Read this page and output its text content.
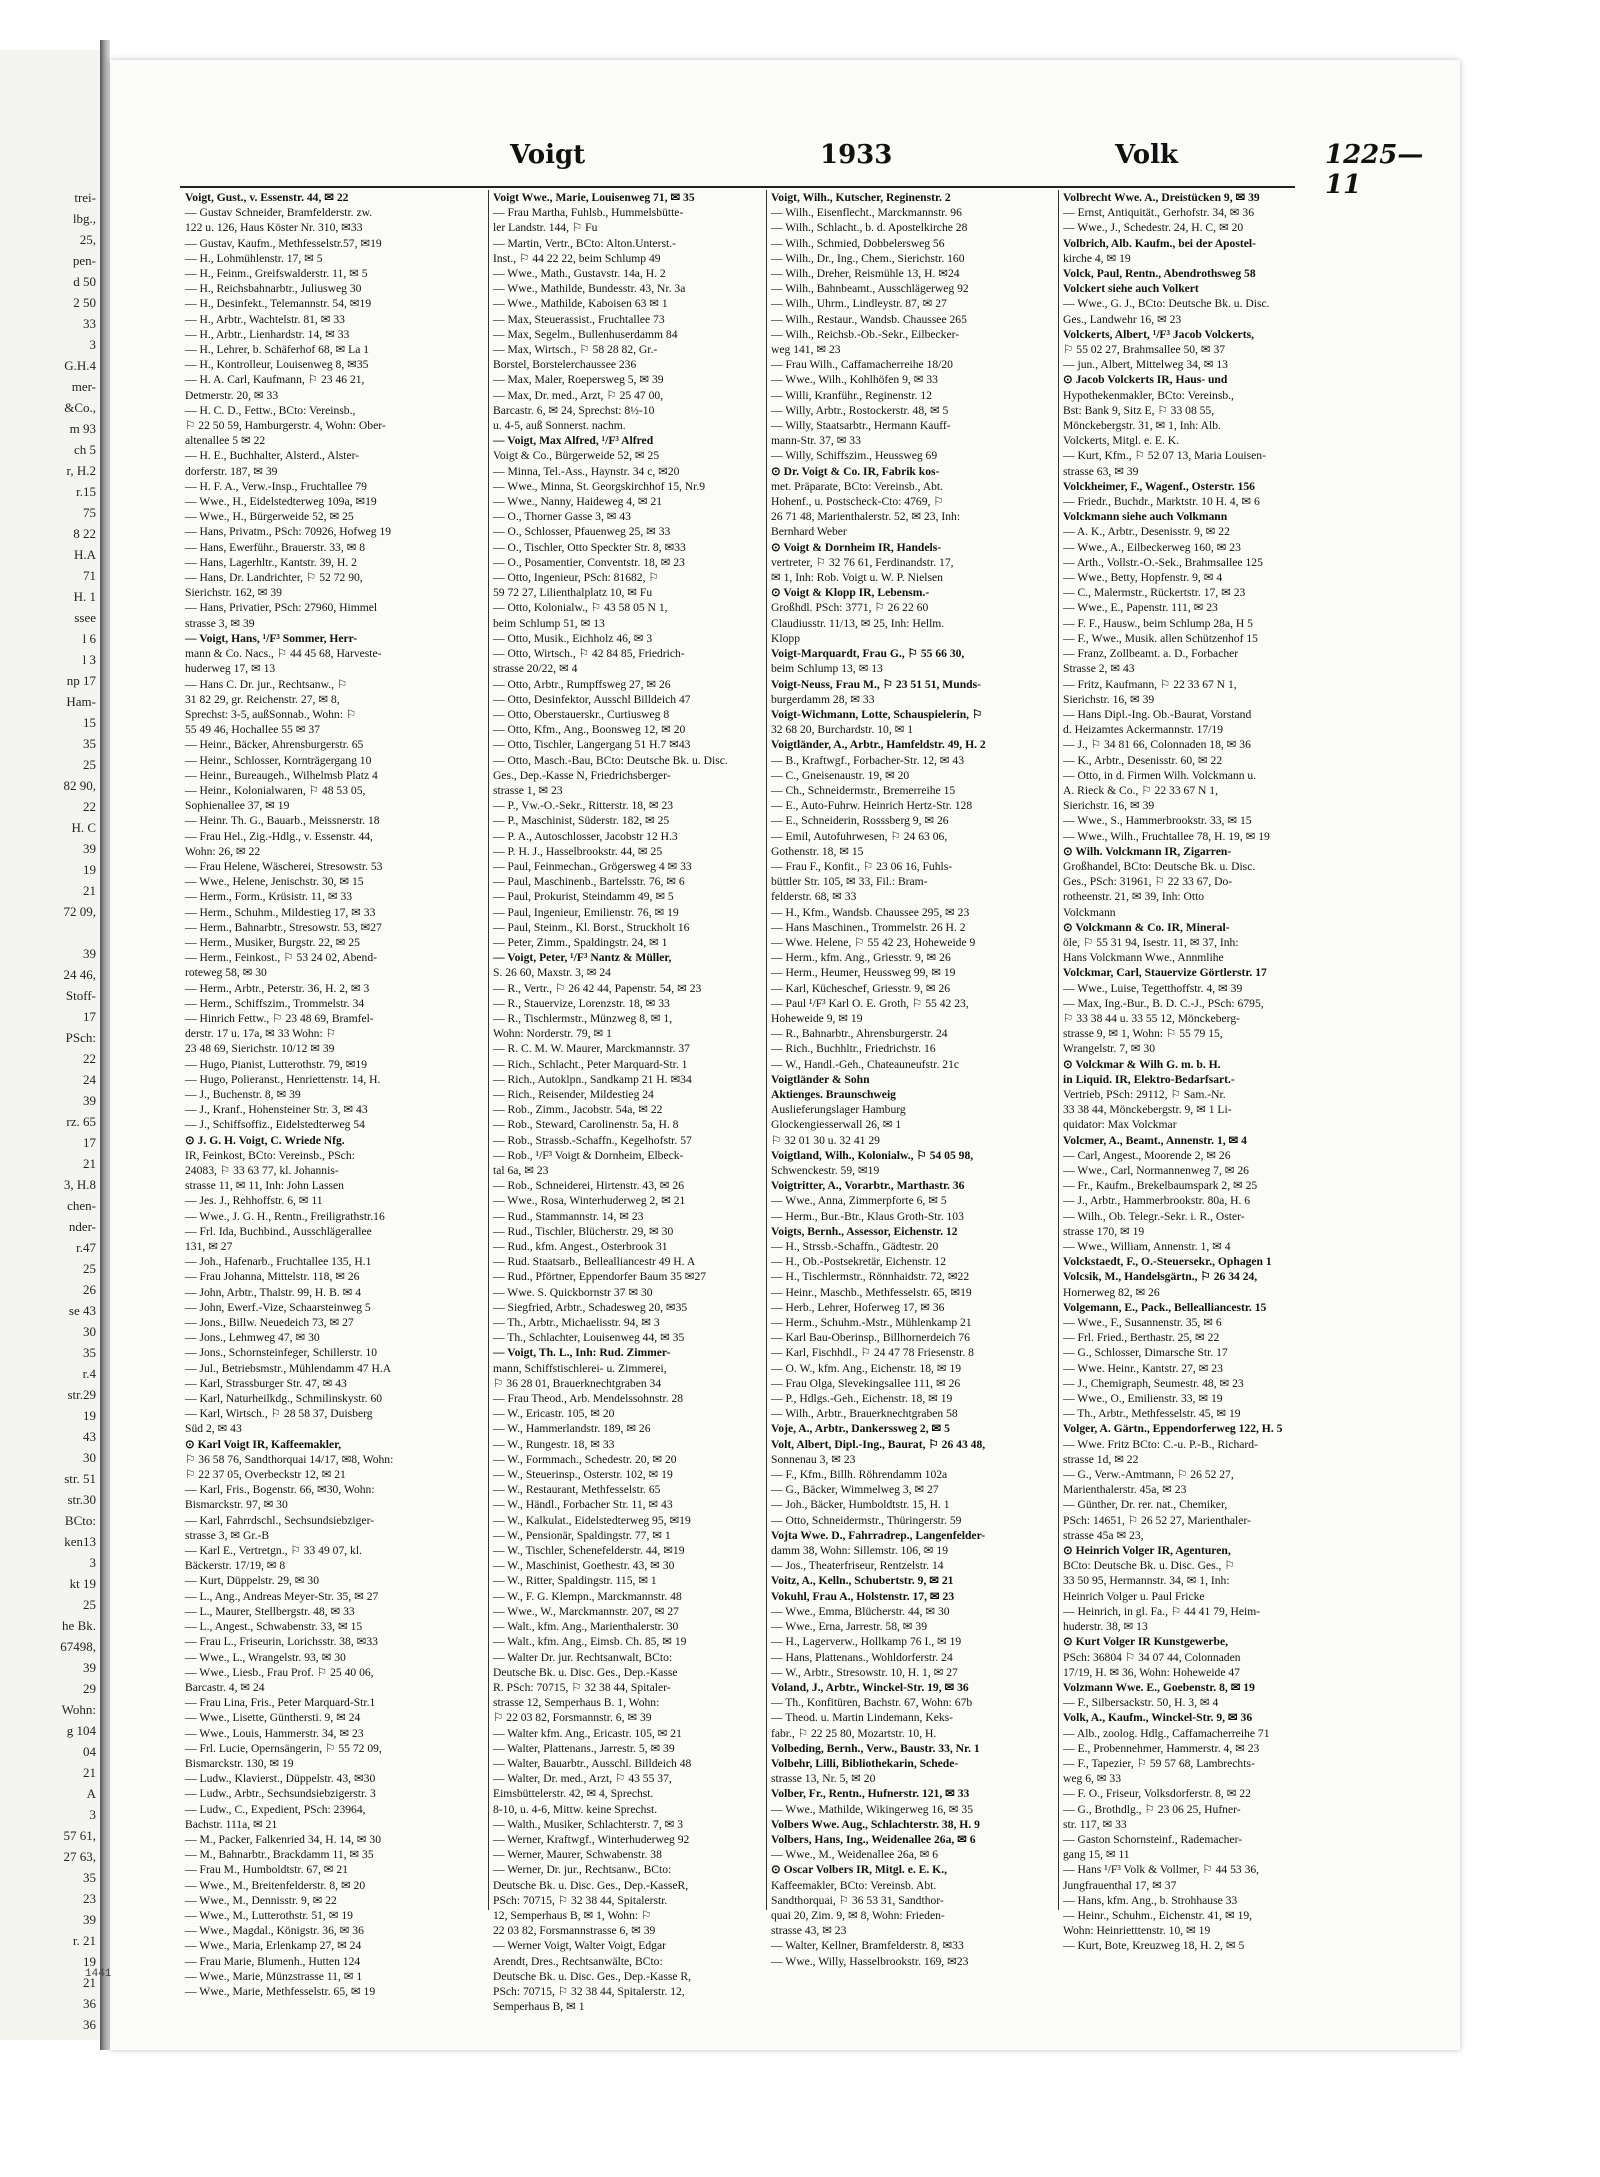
trei-
lbg.,
25,
pen-
d 50
2 50
33
3
G.H.4
mer-
&Co.,
m 93
ch 5
r, H.2
r.15
75
8 22
H.A
71
H. 1
ssee
l 6
l 3
np 17
Ham-
15
35
25
82 90,
22
H. C
39
19
21
72 09,
39
24 46,
Stoff-
17
PSch:
22
24
39
rz. 65
17
21
3, H.8
chen-
nder-
r.47
25
26
se 43
30
35
r.4
str.29
19
43
30
str. 51
str.30
BCto:
ken13
3
kt 19
25
he Bk.
67498,
39
29
Wohn:
g 104
04
21
A
3
57 61,
27 63,
35
23
39
r. 21
19
21
36
36
Voigt	1933	Volk	1225—11
Voigt, Gust., v. Essenstr. 44, ✉ 22
— Gustav Schneider, Bramfelderstr. zw.
122 u. 126, Haus Köster Nr. 310, ✉33
— Gustav, Kaufm., Methfesselstr.57, ✉19
— H., Lohmühlenstr. 17, ✉ 5
— H., Feinm., Greifswalderstr. 11, ✉ 5
— H., Reichsbahnarbtr., Juliusweg 30
— H., Desinfekt., Telemannstr. 54, ✉19
— H., Arbtr., Wachtelstr. 81, ✉ 33
— H., Arbtr., Lienhardstr. 14, ✉ 33
— H., Lehrer, b. Schäferhof 68, ✉ La 1
— H., Kontrolleur, Louisenweg 8, ✉35
— H. A. Carl, Kaufmann, ⚐ 23 46 21,
Detmerstr. 20, ✉ 33
— H. C. D., Fettw., BCto: Vereinsb.,
⚐ 22 50 59, Hamburgerstr. 4, Wohn: Ober-
altenallee 5 ✉ 22
— H. E., Buchhalter, Alsterd., Alster-
dorferstr. 187, ✉ 39
— H. F. A., Verw.-Insp., Fruchtallee 79
— Wwe., H., Eidelstedterweg 109a, ✉19
— Wwe., H., Bürgerweide 52, ✉ 25
— Hans, Privatm., PSch: 70926, Hofweg 19
— Hans, Ewerführ., Brauerstr. 33, ✉ 8
— Hans, Lagerhltr., Kantstr. 39, H. 2
— Hans, Dr. Landrichter, ⚐ 52 72 90,
Sierichstr. 162, ✉ 39
— Hans, Privatier, PSch: 27960, Himmel
strasse 3, ✉ 39
— Voigt, Hans, ¹/F³ Sommer, Herr-
mann & Co. Nacs., ⚐ 44 45 68, Harveste-
huderweg 17, ✉ 13
— Hans C. Dr. jur., Rechtsanw., ⚐
31 82 29, gr. Reichenstr. 27, ✉ 8,
Sprechst: 3-5, außSonnab., Wohn: ⚐
55 49 46, Hochallee 55 ✉ 37
— Heinr., Bäcker, Ahrensburgerstr. 65
— Heinr., Schlosser, Kornträgergang 10
— Heinr., Bureaugeh., Wilhelmsb Platz 4
— Heinr., Kolonialwaren, ⚐ 48 53 05,
Sophienallee 37, ✉ 19
— Heinr. Th. G., Bauarb., Meissnerstr. 18
— Frau Hel., Zig.-Hdlg., v. Essenstr. 44,
Wohn: 26, ✉ 22
— Frau Helene, Wäscherei, Stresowstr. 53
— Wwe., Helene, Jenischstr. 30, ✉ 15
— Herm., Form., Krüsistr. 11, ✉ 33
— Herm., Schuhm., Mildestieg 17, ✉ 33
— Herm., Bahnarbtr., Stresowstr. 53, ✉27
— Herm., Musiker, Burgstr. 22, ✉ 25
— Herm., Feinkost., ⚐ 53 24 02, Abend-
roteweg 58, ✉ 30
— Herm., Arbtr., Peterstr. 36, H. 2, ✉ 3
— Herm., Schiffszim., Trommelstr. 34
— Hinrich Fettw., ⚐ 23 48 69, Bramfel-
derstr. 17 u. 17a, ✉ 33 Wohn: ⚐
23 48 69, Sierichstr. 10/12 ✉ 39
— Hugo, Pianist, Lutterothstr. 79, ✉19
— Hugo, Polieranst., Henriettenstr. 14, H.
— J., Buchenstr. 8, ✉ 39
— J., Kranf., Hohensteiner Str. 3, ✉ 43
— J., Schiffsoffiz., Eidelstedterweg 54
⊙ J. G. H. Voigt, C. Wriede Nfg.
IR, Feinkost, BCto: Vereinsb., PSch:
24083, ⚐ 33 63 77, kl. Johannis-
strasse 11, ✉ 11, Inh: John Lassen
— Jes. J., Rehhoffstr. 6, ✉ 11
— Wwe., J. G. H., Rentn., Freiligrathstr.16
— Frl. Ida, Buchbind., Ausschlägerallee
131, ✉ 27
— Joh., Hafenarb., Fruchtallee 135, H.1
— Frau Johanna, Mittelstr. 118, ✉ 26
— John, Arbtr., Thalstr. 99, H. B. ✉ 4
— John, Ewerf.-Vize, Schaarsteinweg 5
— Jons., Billw. Neuedeich 73, ✉ 27
— Jons., Lehmweg 47, ✉ 30
— Jons., Schornsteinfeger, Schillerstr. 10
— Jul., Betriebsmstr., Mühlendamm 47 H.A
— Karl, Strassburger Str. 47, ✉ 43
— Karl, Naturheilkdg., Schmilinskystr. 60
— Karl, Wirtsch., ⚐ 28 58 37, Duisberg
Süd 2, ✉ 43
⊙ Karl Voigt IR, Kaffeemakler,
⚐ 36 58 76, Sandthorquai 14/17, ✉8, Wohn:
⚐ 22 37 05, Overbeckstr 12, ✉ 21
— Karl, Fris., Bogenstr. 66, ✉30, Wohn:
Bismarckstr. 97, ✉ 30
— Karl, Fahrrdschl., Sechsundsiebziger-
strasse 3, ✉ Gr.-B
— Karl E., Vertretgn., ⚐ 33 49 07, kl.
Bäckerstr. 17/19, ✉ 8
— Kurt, Düppelstr. 29, ✉ 30
— L., Ang., Andreas Meyer-Str. 35, ✉ 27
— L., Maurer, Stellbergstr. 48, ✉ 33
— L., Angest., Schwabenstr. 33, ✉ 15
— Frau L., Friseurin, Lorichsstr. 38, ✉33
— Wwe., L., Wrangelstr. 93, ✉ 30
— Wwe., Liesb., Frau Prof. ⚐ 25 40 06,
Barcastr. 4, ✉ 24
— Frau Lina, Fris., Peter Marquard-Str.1
— Wwe., Lisette, Günthersti. 9, ✉ 24
— Wwe., Louis, Hammerstr. 34, ✉ 23
— Frl. Lucie, Opernsängerin, ⚐ 55 72 09,
Bismarckstr. 130, ✉ 19
— Ludw., Klavierst., Düppelstr. 43, ✉30
— Ludw., Arbtr., Sechsundsiebzigerstr. 3
— Ludw., C., Expedient, PSch: 23964,
Bachstr. 111a, ✉ 21
— M., Packer, Falkenried 34, H. 14, ✉ 30
— M., Bahnarbtr., Brackdamm 11, ✉ 35
— Frau M., Humboldtstr. 67, ✉ 21
— Wwe., M., Breitenfelderstr. 8, ✉ 20
— Wwe., M., Dennisstr. 9, ✉ 22
— Wwe., M., Lutterothstr. 51, ✉ 19
— Wwe., Magdal., Königstr. 36, ✉ 36
— Wwe., Maria, Erlenkamp 27, ✉ 24
— Frau Marie, Blumenh., Hutten 124
— Wwe., Marie, Münzstrasse 11, ✉ 1
— Wwe., Marie, Methfesselstr. 65, ✉ 19
Voigt Wwe., Marie, Louisenweg 71, ✉ 35
— Frau Martha, Fuhlsb., Hummelsbütte-
ler Landstr. 144, ⚐ Fu
— Martin, Vertr., BCto: Alton.Unterst.-
Inst., ⚐ 44 22 22, beim Schlump 49
— Wwe., Math., Gustavstr. 14a, H. 2
— Wwe., Mathilde, Bundesstr. 43, Nr. 3a
— Wwe., Mathilde, Kaboisen 63 ✉ 1
— Max, Steuerassist., Fruchtallee 73
— Max, Segelm., Bullenhuserdamm 84
— Max, Wirtsch., ⚐ 58 28 82, Gr.-
Borstel, Borstelerchaussee 236
— Max, Maler, Roepersweg 5, ✉ 39
— Max, Dr. med., Arzt, ⚐ 25 47 00,
Barcastr. 6, ✉ 24, Sprechst: 8½-10
u. 4-5, auß Sonnerst. nachm.
— Voigt, Max Alfred, ¹/F³ Alfred
Voigt & Co., Bürgerweide 52, ✉ 25
— Minna, Tel.-Ass., Haynstr. 34 c, ✉20
— Wwe., Minna, St. Georgskirchhof 15, Nr.9
— Wwe., Nanny, Haideweg 4, ✉ 21
— O., Thorner Gasse 3, ✉ 43
— O., Schlosser, Pfauenweg 25, ✉ 33
— O., Tischler, Otto Speckter Str. 8, ✉33
— O., Posamentier, Conventstr. 18, ✉ 23
— Otto, Ingenieur, PSch: 81682, ⚐
59 72 27, Lilienthalplatz 10, ✉ Fu
— Otto, Kolonialw., ⚐ 43 58 05 N 1,
beim Schlump 51, ✉ 13
— Otto, Musik., Eichholz 46, ✉ 3
— Otto, Wirtsch., ⚐ 42 84 85, Friedrich-
strasse 20/22, ✉ 4
— Otto, Arbtr., Rumpffsweg 27, ✉ 26
— Otto, Desinfektor, Ausschl Billdeich 47
— Otto, Oberstauerskr., Curtiusweg 8
— Otto, Kfm., Ang., Boonsweg 12, ✉ 20
— Otto, Tischler, Langergang 51 H.7 ✉43
— Otto, Masch.-Bau, BCto: Deutsche Bk. u. Disc.
Ges., Dep.-Kasse N, Friedrichsberger-
strasse 1, ✉ 23
— P., Vw.-O.-Sekr., Ritterstr. 18, ✉ 23
— P., Maschinist, Süderstr. 182, ✉ 25
— P. A., Autoschlosser, Jacobstr 12 H.3
— P. H. J., Hasselbrookstr. 44, ✉ 25
— Paul, Feinmechan., Grögersweg 4 ✉ 33
— Paul, Maschinenb., Bartelsstr. 76, ✉ 6
— Paul, Prokurist, Steindamm 49, ✉ 5
— Paul, Ingenieur, Emilienstr. 76, ✉ 19
— Paul, Steinm., Kl. Borst., Struckholt 16
— Peter, Zimm., Spaldingstr. 24, ✉ 1
— Voigt, Peter, ¹/F³ Nantz & Müller,
S. 26 60, Maxstr. 3, ✉ 24
— R., Vertr., ⚐ 26 42 44, Papenstr. 54, ✉ 23
— R., Stauervize, Lorenzstr. 18, ✉ 33
— R., Tischlermstr., Münzweg 8, ✉ 1,
Wohn: Norderstr. 79, ✉ 1
— R. C. M. W. Maurer, Marckmannstr. 37
— Rich., Schlacht., Peter Marquard-Str. 1
— Rich., Autoklpn., Sandkamp 21 H. ✉34
— Rich., Reisender, Mildestieg 24
— Rob., Zimm., Jacobstr. 54a, ✉ 22
— Rob., Steward, Carolinenstr. 5a, H. 8
— Rob., Strassb.-Schaffn., Kegelhofstr. 57
— Rob., ¹/F³ Voigt & Dornheim, Elbeck-
tal 6a, ✉ 23
— Rob., Schneiderei, Hirtenstr. 43, ✉ 26
— Wwe., Rosa, Winterhuderweg 2, ✉ 21
— Rud., Stammannstr. 14, ✉ 23
— Rud., Tischler, Blücherstr. 29, ✉ 30
— Rud., kfm. Angest., Osterbrook 31
— Rud. Staatsarb., Bellealliancestr 49 H. A
— Rud., Pförtner, Eppendorfer Baum 35 ✉27
— Wwe. S. Quickbornstr 37 ✉ 30
— Siegfried, Arbtr., Schadesweg 20, ✉35
— Th., Arbtr., Michaelisstr. 94, ✉ 3
— Th., Schlachter, Louisenweg 44, ✉ 35
— Voigt, Th. L., Inh: Rud. Zimmer-
mann, Schiffstischlerei- u. Zimmerei,
⚐ 36 28 01, Brauerknechtgraben 34
— Frau Theod., Arb. Mendelssohnstr. 28
— W., Ericastr. 105, ✉ 20
— W., Hammerlandstr. 189, ✉ 26
— W., Rungestr. 18, ✉ 33
— W., Formmach., Schedestr. 20, ✉ 20
— W., Steuerinsp., Osterstr. 102, ✉ 19
— W., Restaurant, Methfesselstr. 65
— W., Händl., Forbacher Str. 11, ✉ 43
— W., Kalkulat., Eidelstedterweg 95, ✉19
— W., Pensionär, Spaldingstr. 77, ✉ 1
— W., Tischler, Schenefelderstr. 44, ✉19
— W., Maschinist, Goethestr. 43, ✉ 30
— W., Ritter, Spaldingstr. 115, ✉ 1
— W., F. G. Klempn., Marckmannstr. 48
— Wwe., W., Marckmannstr. 207, ✉ 27
— Walt., kfm. Ang., Marienthalerstr. 30
— Walt., kfm. Ang., Eimsb. Ch. 85, ✉ 19
— Walter Dr. jur. Rechtsanwalt, BCto:
Deutsche Bk. u. Disc. Ges., Dep.-Kasse
R. PSch: 70715, ⚐ 32 38 44, Spitaler-
strasse 12, Semperhaus B. 1, Wohn:
⚐ 22 03 82, Forsmannstr. 6, ✉ 39
— Walter kfm. Ang., Ericastr. 105, ✉ 21
— Walter, Plattenans., Jarrestr. 5, ✉ 39
— Walter, Bauarbtr., Ausschl. Billdeich 48
— Walter, Dr. med., Arzt, ⚐ 43 55 37,
Eimsbüttelerstr. 42, ✉ 4, Sprechst.
8-10, u. 4-6, Mittw. keine Sprechst.
— Walth., Musiker, Schlachterstr. 7, ✉ 3
— Werner, Kraftwgf., Winterhuderweg 92
— Werner, Maurer, Schwabenstr. 38
— Werner, Dr. jur., Rechtsanw., BCto:
Deutsche Bk. u. Disc. Ges., Dep.-KasseR,
PSch: 70715, ⚐ 32 38 44, Spitalerstr.
12, Semperhaus B, ✉ 1, Wohn: ⚐
22 03 82, Forsmannstrasse 6, ✉ 39
— Werner Voigt, Walter Voigt, Edgar
Arendt, Dres., Rechtsanwälte, BCto:
Deutsche Bk. u. Disc. Ges., Dep.-Kasse R,
PSch: 70715, ⚐ 32 38 44, Spitalerstr. 12,
Semperhaus B, ✉ 1
Voigt, Wilh., Kutscher, Reginenstr. 2
— Wilh., Eisenflecht., Marckmannstr. 96
— Wilh., Schlacht., b. d. Apostelkirche 28
— Wilh., Schmied, Dobbelersweg 56
— Wilh., Dr., Ing., Chem., Sierichstr. 160
— Wilh., Dreher, Reismühle 13, H. ✉24
— Wilh., Bahnbeamt., Ausschlägerweg 92
— Wilh., Uhrm., Lindleystr. 87, ✉ 27
— Wilh., Restaur., Wandsb. Chaussee 265
— Wilh., Reichsb.-Ob.-Sekr., Eilbecker-
weg 141, ✉ 23
— Frau Wilh., Caffamacherreihe 18/20
— Wwe., Wilh., Kohlhöfen 9, ✉ 33
— Willi, Kranführ., Reginenstr. 12
— Willy, Arbtr., Rostockerstr. 48, ✉ 5
— Willy, Staatsarbtr., Hermann Kauff-
mann-Str. 37, ✉ 33
— Willy, Schiffszim., Heussweg 69
⊙ Dr. Voigt & Co. IR, Fabrik kos-
met. Präparate, BCto: Vereinsb., Abt.
Hohenf., u. Postscheck-Cto: 4769, ⚐
26 71 48, Marienthalerstr. 52, ✉ 23, Inh:
Bernhard Weber
⊙ Voigt & Dornheim IR, Handels-
vertreter, ⚐ 32 76 61, Ferdinandstr. 17,
✉ 1, Inh: Rob. Voigt u. W. P. Nielsen
⊙ Voigt & Klopp IR, Lebensm.-
Großhdl. PSch: 3771, ⚐ 26 22 60
Claudiusstr. 11/13, ✉ 25, Inh: Hellm.
Klopp
Voigt-Marquardt, Frau G., ⚐ 55 66 30,
beim Schlump 13, ✉ 13
Voigt-Neuss, Frau M., ⚐ 23 51 51, Munds-
burgerdamm 28, ✉ 33
Voigt-Wichmann, Lotte, Schauspielerin, ⚐
32 68 20, Burchardstr. 10, ✉ 1
Voigtländer, A., Arbtr., Hamfeldstr. 49, H. 2
— B., Kraftwgf., Forbacher-Str. 12, ✉ 43
— C., Gneisenaustr. 19, ✉ 20
— Ch., Schneidermstr., Bremerreihe 15
— E., Auto-Fuhrw. Heinrich Hertz-Str. 128
— E., Schneiderin, Rosssberg 9, ✉ 26
— Emil, Autofuhrwesen, ⚐ 24 63 06,
Gothenstr. 18, ✉ 15
— Frau F., Konfit., ⚐ 23 06 16, Fuhls-
büttler Str. 105, ✉ 33, Fil.: Bram-
felderstr. 68, ✉ 33
— H., Kfm., Wandsb. Chaussee 295, ✉ 23
— Hans Maschinen., Trommelstr. 26 H. 2
— Wwe. Helene, ⚐ 55 42 23, Hoheweide 9
— Herm., kfm. Ang., Griesstr. 9, ✉ 26
— Herm., Heumer, Heussweg 99, ✉ 19
— Karl, Kücheschef, Griesstr. 9, ✉ 26
— Paul ¹/F³ Karl O. E. Groth, ⚐ 55 42 23,
Hoheweide 9, ✉ 19
— R., Bahnarbtr., Ahrensburgerstr. 24
— Rich., Buchhltr., Friedrichstr. 16
— W., Handl.-Geh., Chateauneufstr. 21c
Voigtländer & Sohn
Aktienges. Braunschweig
Auslieferungslager Hamburg
Glockengiesserwall 26, ✉ 1
⚐ 32 01 30 u. 32 41 29
Voigtland, Wilh., Kolonialw., ⚐ 54 05 98,
Schwenckestr. 59, ✉19
Voigtritter, A., Vorarbtr., Marthastr. 36
— Wwe., Anna, Zimmerpforte 6, ✉ 5
— Herm., Bur.-Btr., Klaus Groth-Str. 103
Voigts, Bernh., Assessor, Eichenstr. 12
— H., Strssb.-Schaffn., Gädtestr. 20
— H., Ob.-Postsekretär, Eichenstr. 12
— H., Tischlermstr., Rönnhaidstr. 72, ✉22
— Heinr., Maschb., Methfesselstr. 65, ✉19
— Herb., Lehrer, Hoferweg 17, ✉ 36
— Herm., Schuhm.-Mstr., Mühlenkamp 21
— Karl Bau-Oberinsp., Billhornerdeich 76
— Karl, Fischhdl., ⚐ 24 47 78 Friesenstr. 8
— O. W., kfm. Ang., Eichenstr. 18, ✉ 19
— Frau Olga, Slevekingsallee 111, ✉ 26
— P., Hdlgs.-Geh., Eichenstr. 18, ✉ 19
— Wilh., Arbtr., Brauerknechtgraben 58
Voje, A., Arbtr., Dankerssweg 2, ✉ 5
Volt, Albert, Dipl.-Ing., Baurat, ⚐ 26 43 48,
Sonnenau 3, ✉ 23
— F., Kfm., Billh. Röhrendamm 102a
— G., Bäcker, Wimmelweg 3, ✉ 27
— Joh., Bäcker, Humboldtstr. 15, H. 1
— Otto, Schneidermstr., Thüringerstr. 59
Vojta Wwe. D., Fahrradrep., Langenfelder-
damm 38, Wohn: Sillemstr. 106, ✉ 19
— Jos., Theaterfriseur, Rentzelstr. 14
Voitz, A., Kelln., Schubertstr. 9, ✉ 21
Vokuhl, Frau A., Holstenstr. 17, ✉ 23
— Wwe., Emma, Blücherstr. 44, ✉ 30
— Wwe., Erna, Jarrestr. 58, ✉ 39
— H., Lagerverw., Hollkamp 76 I., ✉ 19
— Hans, Plattenans., Wohldorferstr. 24
— W., Arbtr., Stresowstr. 10, H. 1, ✉ 27
Voland, J., Arbtr., Winckel-Str. 19, ✉ 36
— Th., Konfitüren, Bachstr. 67, Wohn: 67b
— Theod. u. Martin Lindemann, Keks-
fabr., ⚐ 22 25 80, Mozartstr. 10, H.
Volbeding, Bernh., Verw., Baustr. 33, Nr. 1
Volbehr, Lilli, Bibliothekarin, Schede-
strasse 13, Nr. 5, ✉ 20
Volber, Fr., Rentn., Hufnerstr. 121, ✉ 33
— Wwe., Mathilde, Wikingerweg 16, ✉ 35
Volbers Wwe. Aug., Schlachterstr. 38, H. 9
Volbers, Hans, Ing., Weidenallee 26a, ✉ 6
— Wwe., M., Weidenallee 26a, ✉ 6
⊙ Oscar Volbers IR, Mitgl. e. E. K.,
Kaffeemakler, BCto: Vereinsb. Abt.
Sandthorquai, ⚐ 36 53 31, Sandthor-
quai 20, Zim. 9, ✉ 8, Wohn: Frieden-
strasse 43, ✉ 23
— Walter, Kellner, Bramfelderstr. 8, ✉33
— Wwe., Willy, Hasselbrookstr. 169, ✉23
Volbrecht Wwe. A., Dreistücken 9, ✉ 39
— Ernst, Antiquität., Gerhofstr. 34, ✉ 36
— Wwe., J., Schedestr. 24, H. C, ✉ 20
Volbrich, Alb. Kaufm., bei der Apostel-
kirche 4, ✉ 19
Volck, Paul, Rentn., Abendrothsweg 58
Volckert siehe auch Volkert
— Wwe., G. J., BCto: Deutsche Bk. u. Disc.
Ges., Landwehr 16, ✉ 23
Volckerts, Albert, ¹/F³ Jacob Volckerts,
⚐ 55 02 27, Brahmsallee 50, ✉ 37
— jun., Albert, Mittelweg 34, ✉ 13
⊙ Jacob Volckerts IR, Haus- und
Hypothekenmakler, BCto: Vereinsb.,
Bst: Bank 9, Sitz E, ⚐ 33 08 55,
Mönckebergstr. 31, ✉ 1, Inh: Alb.
Volckerts, Mitgl. e. E. K.
— Kurt, Kfm., ⚐ 52 07 13, Maria Louisen-
strasse 63, ✉ 39
Volckheimer, F., Wagenf., Osterstr. 156
— Friedr., Buchdr., Marktstr. 10 H. 4, ✉ 6
Volckmann siehe auch Volkmann
— A. K., Arbtr., Desenisstr. 9, ✉ 22
— Wwe., A., Eilbeckerweg 160, ✉ 23
— Arth., Vollstr.-O.-Sek., Brahmsallee 125
— Wwe., Betty, Hopfenstr. 9, ✉ 4
— C., Malermstr., Rückertstr. 17, ✉ 23
— Wwe., E., Papenstr. 111, ✉ 23
— F. F., Hausw., beim Schlump 28a, H 5
— F., Wwe., Musik. allen Schützenhof 15
— Franz, Zollbeamt. a. D., Forbacher
Strasse 2, ✉ 43
— Fritz, Kaufmann, ⚐ 22 33 67 N 1,
Sierichstr. 16, ✉ 39
— Hans Dipl.-Ing. Ob.-Baurat, Vorstand
d. Heizamtes Ackermannstr. 17/19
— J., ⚐ 34 81 66, Colonnaden 18, ✉ 36
— K., Arbtr., Desenisstr. 60, ✉ 22
— Otto, in d. Firmen Wilh. Volckmann u.
A. Rieck & Co., ⚐ 22 33 67 N 1,
Sierichstr. 16, ✉ 39
— Wwe., S., Hammerbrookstr. 33, ✉ 15
— Wwe., Wilh., Fruchtallee 78, H. 19, ✉ 19
⊙ Wilh. Volckmann IR, Zigarren-
Großhandel, BCto: Deutsche Bk. u. Disc.
Ges., PSch: 31961, ⚐ 22 33 67, Do-
rotheenstr. 21, ✉ 39, Inh: Otto
Volckmann
⊙ Volckmann & Co. IR, Mineral-
öle, ⚐ 55 31 94, Isestr. 11, ✉ 37, Inh:
Hans Volckmann Wwe., Annmlihe
Volckmar, Carl, Stauervize Görtlerstr. 17
— Wwe., Luise, Tegetthoffstr. 4, ✉ 39
— Max, Ing.-Bur., B. D. C.-J., PSch: 6795,
⚐ 33 38 44 u. 33 55 12, Mönckeberg-
strasse 9, ✉ 1, Wohn: ⚐ 55 79 15,
Wrangelstr. 7, ✉ 30
⊙ Volckmar & Wilh G. m. b. H.
in Liquid. IR, Elektro-Bedarfsart.-
Vertrieb, PSch: 29112, ⚐ Sam.-Nr.
33 38 44, Mönckebergstr. 9, ✉ 1 Li-
quidator: Max Volckmar
Volcmer, A., Beamt., Annenstr. 1, ✉ 4
— Carl, Angest., Moorende 2, ✉ 26
— Wwe., Carl, Normannenweg 7, ✉ 26
— Fr., Kaufm., Brekelbaumspark 2, ✉ 25
— J., Arbtr., Hammerbrookstr. 80a, H. 6
— Wilh., Ob. Telegr.-Sekr. i. R., Oster-
strasse 170, ✉ 19
— Wwe., William, Annenstr. 1, ✉ 4
Volckstaedt, F., O.-Steuersekr., Ophagen 1
Volcsik, M., Handelsgärtn., ⚐ 26 34 24,
Hornerweg 82, ✉ 26
Volgemann, E., Pack., Bellealliancestr. 15
— Wwe., F., Susannenstr. 35, ✉ 6
— Frl. Fried., Berthastr. 25, ✉ 22
— G., Schlosser, Dimarsche Str. 17
— Wwe. Heinr., Kantstr. 27, ✉ 23
— J., Chemigraph, Seumestr. 48, ✉ 23
— Wwe., O., Emilienstr. 33, ✉ 19
— Th., Arbtr., Methfesselstr. 45, ✉ 19
Volger, A. Gärtn., Eppendorferweg 122, H. 5
— Wwe. Fritz BCto: C.-u. P.-B., Richard-
strasse 1d, ✉ 22
— G., Verw.-Amtmann, ⚐ 26 52 27,
Marienthalerstr. 45a, ✉ 23
— Günther, Dr. rer. nat., Chemiker,
PSch: 14651, ⚐ 26 52 27, Marienthaler-
strasse 45a ✉ 23,
⊙ Heinrich Volger IR, Agenturen,
BCto: Deutsche Bk. u. Disc. Ges., ⚐
33 50 95, Hermannstr. 34, ✉ 1, Inh:
Heinrich Volger u. Paul Fricke
— Heinrich, in gl. Fa., ⚐ 44 41 79, Heim-
huderstr. 38, ✉ 13
⊙ Kurt Volger IR Kunstgewerbe,
PSch: 36804 ⚐ 34 07 44, Colonnaden
17/19, H. ✉ 36, Wohn: Hoheweide 47
Volzmann Wwe. E., Goebenstr. 8, ✉ 19
— F., Silbersackstr. 50, H. 3, ✉ 4
Volk, A., Kaufm., Winckel-Str. 9, ✉ 36
— Alb., zoolog. Hdlg., Caffamacherreihe 71
— E., Probennehmer, Hammerstr. 4, ✉ 23
— F., Tapezier, ⚐ 59 57 68, Lambrechts-
weg 6, ✉ 33
— F. O., Friseur, Volksdorferstr. 8, ✉ 22
— G., Brothdlg., ⚐ 23 06 25, Hufner-
str. 117, ✉ 33
— Gaston Schornsteinf., Rademacher-
gang 15, ✉ 11
— Hans ¹/F³ Volk & Vollmer, ⚐ 44 53 36,
Jungfrauenthal 17, ✉ 37
— Hans, kfm. Ang., b. Strohhause 33
— Heinr., Schuhm., Eichenstr. 41, ✉ 19,
Wohn: Heinrietttenstr. 10, ✉ 19
— Kurt, Bote, Kreuzweg 18, H. 2, ✉ 5
1441
